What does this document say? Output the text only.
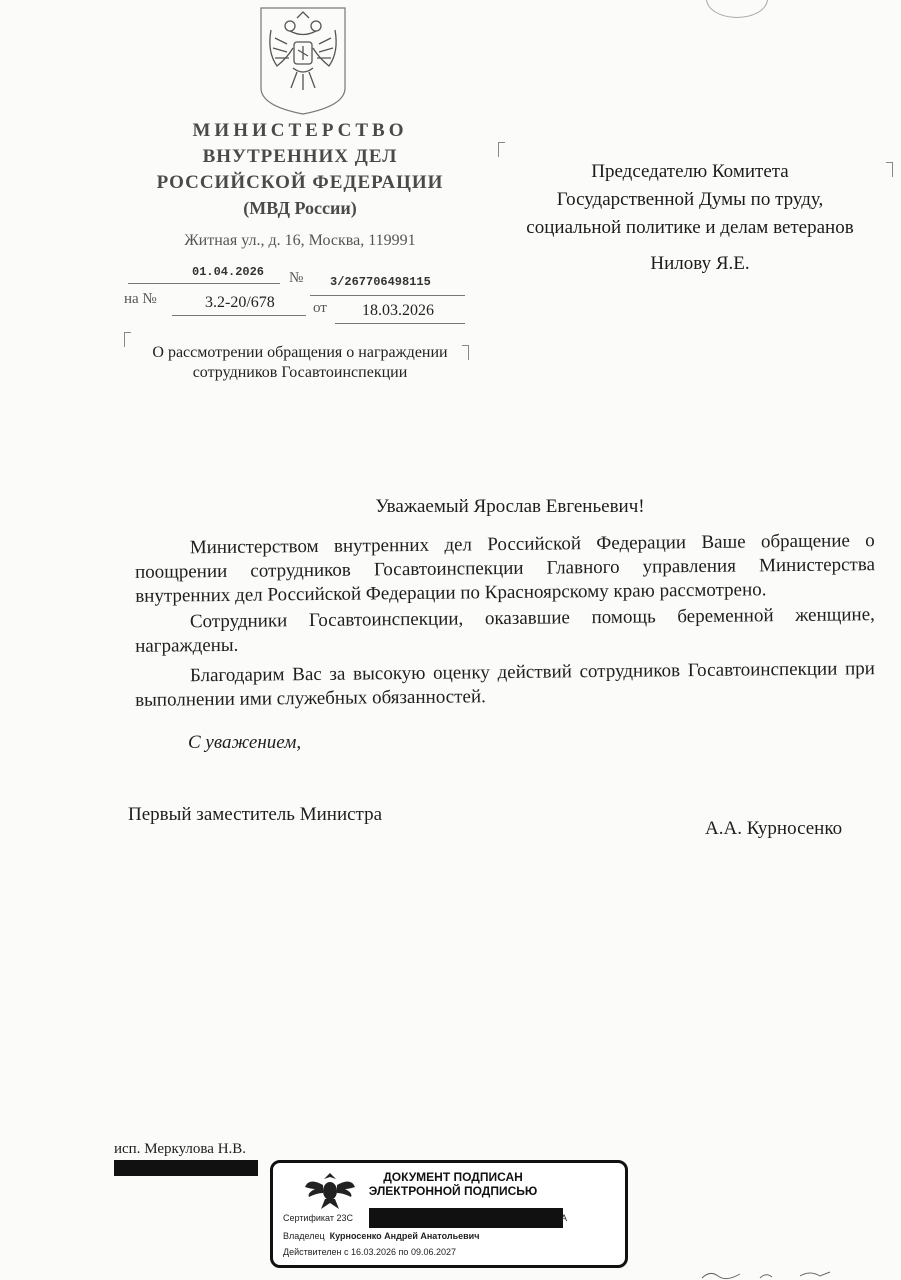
МИНИСТЕРСТВО
ВНУТРЕННИХ ДЕЛ
РОССИЙСКОЙ ФЕДЕРАЦИИ
(МВД России)
Житная ул., д. 16, Москва, 119991
01.04.2026 № 3/267706498115
на №	3.2-20/678	от 18.03.2026
О рассмотрении обращения о награждении
сотрудников Госавтоинспекции
Председателю Комитета
Государственной Думы по труду,
социальной политике и делам ветеранов
Нилову Я.Е.
Уважаемый Ярослав Евгеньевич!
Министерством внутренних дел Российской Федерации Ваше обращение о поощрении сотрудников Госавтоинспекции Главного управления Министерства внутренних дел Российской Федерации по Красноярскому краю рассмотрено.
Сотрудники Госавтоинспекции, оказавшие помощь беременной женщине, награждены.
Благодарим Вас за высокую оценку действий сотрудников Госавтоинспекции при выполнении ими служебных обязанностей.
С уважением,
Первый заместитель Министра
А.А. Курносенко
исп. Меркулова Н.В.
ДОКУМЕНТ ПОДПИСАН
ЭЛЕКТРОННОЙ ПОДПИСЬЮ
Сертификат 23C	A
Владелец Курносенко Андрей Анатольевич
Действителен с 16.03.2026 по 09.06.2027
